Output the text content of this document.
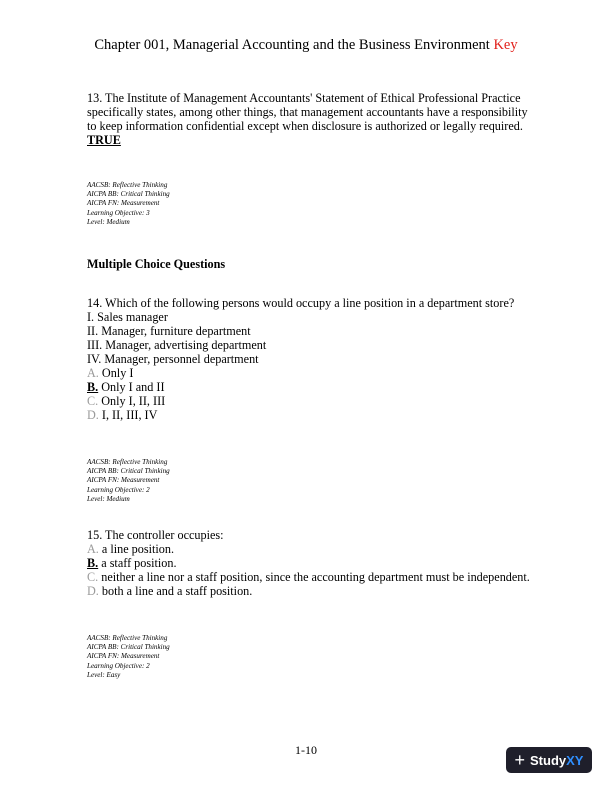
Chapter 001, Managerial Accounting and the Business Environment Key

13. The Institute of Management Accountants' Statement of Ethical Professional Practice specifically states, among other things, that management accountants have a responsibility to keep information confidential except when disclosure is authorized or legally required.

TRUE

AACSB: Reflective Thinking
AICPA BB: Critical Thinking
AICPA FN: Measurement
Learning Objective: 3
Level: Medium
Multiple Choice Questions

14. Which of the following persons would occupy a line position in a department store?

I. Sales manager

II. Manager, furniture department

III. Manager, advertising department

IV. Manager, personnel department

A. Only I

B. Only I and II

C. Only I, II, III

D. I, II, III, IV

AACSB: Reflective Thinking
AICPA BB: Critical Thinking
AICPA FN: Measurement
Learning Objective: 2
Level: Medium

15. The controller occupies:

A. a line position.

B. a staff position.

C. neither a line nor a staff position, since the accounting department must be independent.

D. both a line and a staff position.

AACSB: Reflective Thinking
AICPA BB: Critical Thinking
AICPA FN: Measurement
Learning Objective: 2
Level: Easy
1-10	+ StudyXY
